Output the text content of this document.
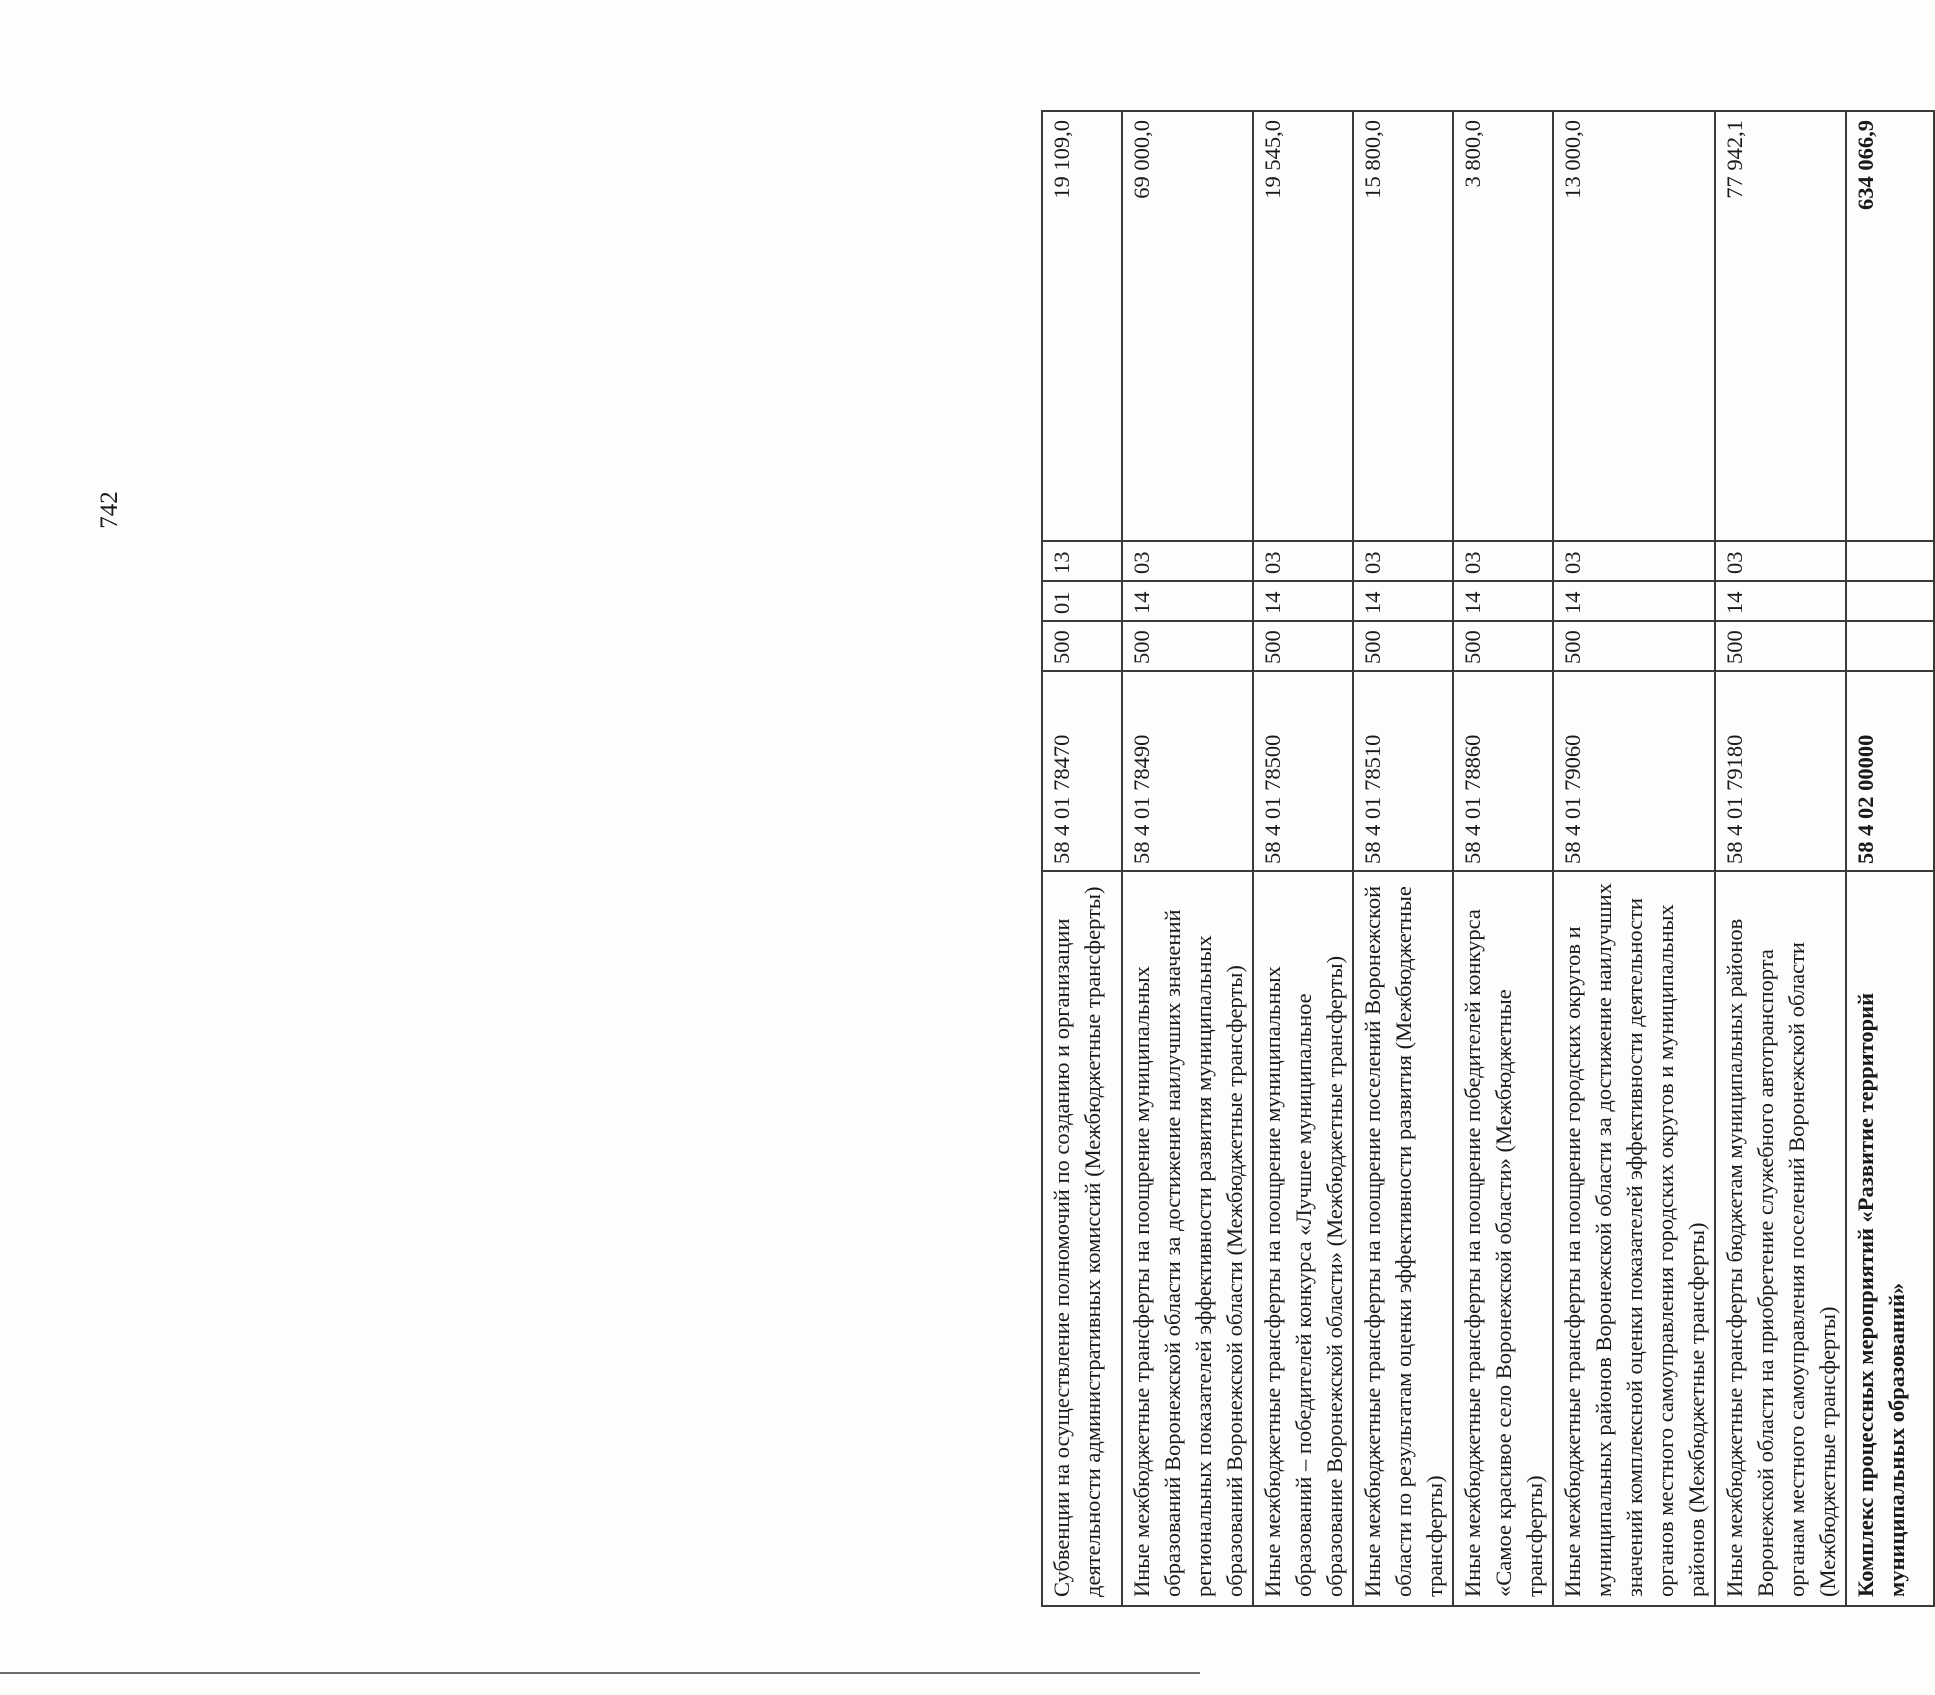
742
Субвенции на осуществление полномочий по созданию и организации деятельности административных комиссий (Межбюджетные трансферты)	58 4 01 78470	500	01	13	19 109,0
Иные межбюджетные трансферты на поощрение муниципальных образований Воронежской области за достижение наилучших значений региональных показателей эффективности развития муниципальных образований Воронежской области (Межбюджетные трансферты)	58 4 01 78490	500	14	03	69 000,0
Иные межбюджетные трансферты на поощрение муниципальных образований – победителей конкурса «Лучшее муниципальное образование Воронежской области» (Межбюджетные трансферты)	58 4 01 78500	500	14	03	19 545,0
Иные межбюджетные трансферты на поощрение поселений Воронежской области по результатам оценки эффективности развития (Межбюджетные трансферты)	58 4 01 78510	500	14	03	15 800,0
Иные межбюджетные трансферты на поощрение победителей конкурса «Самое красивое село Воронежской области» (Межбюджетные трансферты)	58 4 01 78860	500	14	03	3 800,0
Иные межбюджетные трансферты на поощрение городских округов и муниципальных районов Воронежской области за достижение наилучших значений комплексной оценки показателей эффективности деятельности органов местного самоуправления городских округов и муниципальных районов (Межбюджетные трансферты)	58 4 01 79060	500	14	03	13 000,0
Иные межбюджетные трансферты бюджетам муниципальных районов Воронежской области на приобретение служебного автотранспорта органам местного самоуправления поселений Воронежской области (Межбюджетные трансферты)	58 4 01 79180	500	14	03	77 942,1
Комплекс процессных мероприятий «Развитие территорий муниципальных образований»	58 4 02 00000				634 066,9
